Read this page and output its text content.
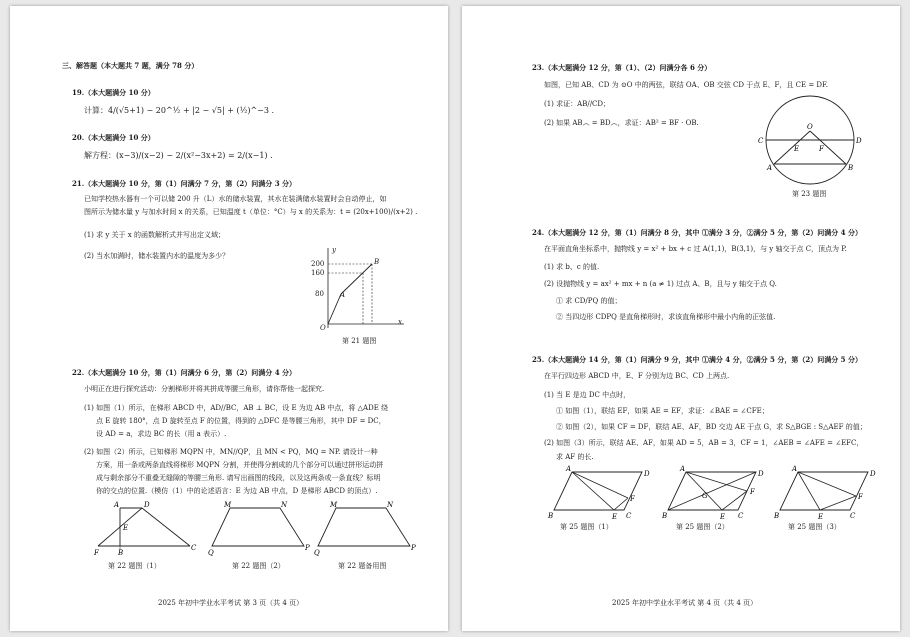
三、解答题（本大题共 7 题，满分 78 分）
19.（本大题满分 10 分）
计算：4/(√5+1) − 20^½ + |2 − √5| + (½)^−3 .
20.（本大题满分 10 分）
解方程：(x−3)/(x−2) − 2/(x²−3x+2) = 2/(x−1) .
21.（本大题满分 10 分，第（1）问满分 7 分，第（2）问满分 3 分）
已知学校热水器有一个可以储 200 升（L）水的储水装置，其水在装满储水装置时会自动停止，如
图所示为储水量 y 与加水时间 x 的关系，已知温度 t（单位：°C）与 x 的关系为：t = (20x+100)/(x+2) .
(1) 求 y 关于 x 的函数解析式并写出定义域；
(2) 当水加满时，储水装置内水的温度为多少？
y
x
200
160
80
O
A
B
第 21 题图
22.（本大题满分 10 分，第（1）问满分 6 分，第（2）问满分 4 分）
小明正在进行探究活动：分割梯形并将其拼成等腰三角形，请你帮他一起探究.
(1) 如图（1）所示，在梯形 ABCD 中，AD//BC，AB ⊥ BC，设 E 为边 AB 中点，将 △ADE 绕
点 E 旋转 180°，点 D 旋转至点 F 的位置，得到的 △DFC 是等腰三角形，其中 DF = DC，
设 AD = a，求边 BC 的长（用 a 表示）.
(2) 如图（2）所示，已知梯形 MQPN 中，MN//QP，且 MN < PQ，MQ = NP. 请设计一种
方案，用一条或两条直线将梯形 MQPN 分割，并使得分割成的几个部分可以通过拼形运动拼
成与剩余部分不重叠无缝隙的等腰三角形. 请写出画图的线段，以及这两条或一条直线？标明
你的交点的位置.（模仿（1）中的论述语言：E 为边 AB 中点，D 是梯形 ABCD 的顶点）.
A	D
E
F	B
C
M	N
Q
P
M	N
Q
P
第 22 题图（1）	第 22 题图（2）	第 22 题备用图
2025 年初中学业水平考试 第 3 页（共 4 页）
23.（本大题满分 12 分，第（1）、（2）问满分各 6 分）
如图，已知 AB、CD 为 ⊙O 中的两弦，联结 OA、OB 交弦 CD 于点 E、F，且 CE = DF.
(1) 求证：AB//CD；
(2) 如果 AB︵ = BD︵，求证：AB² = BF · OB.	O
C	D
E	F
A	B
第 23 题图
24.（本大题满分 12 分，第（1）问满分 8 分，其中 ①满分 3 分，②满分 5 分，第（2）问满分 4 分）
在平面直角坐标系中，抛物线 y = x² + bx + c 过 A(1,1)，B(3,1)，与 y 轴交于点 C，顶点为 P.
(1) 求 b、c 的值.
(2) 设抛物线 y = ax² + mx + n (a ≠ 1) 过点 A、B，且与 y 轴交于点 Q.
① 求 CD/PQ 的值；
② 当四边形 CDPQ 是直角梯形时，求该直角梯形中最小内角的正弦值.
25.（本大题满分 14 分，第（1）问满分 9 分，其中 ①满分 4 分，②满分 5 分，第（2）问满分 5 分）
在平行四边形 ABCD 中，E、F 分别为边 BC、CD 上两点.
(1) 当 E 是边 DC 中点时，
① 如图（1），联结 EF，如果 AE = EF，求证：∠BAE = ∠CFE；
② 如图（2），如果 CF = DF，联结 AE、AF，BD 交边 AE 于点 G，求 S△BGE : S△AEF 的值；
(2) 如图（3）所示，联结 AE、AF，如果 AD = 5，AB = 3，CF = 1，∠AEB = ∠AFE = ∠EFC，
求 AF 的长.
A
D
F
B	E C
A
D
F
G
B	E C
A
D
F
B	E	C
第 25 题图（1）	第 25 题图（2）	第 25 题图（3）
2025 年初中学业水平考试 第 4 页（共 4 页）
